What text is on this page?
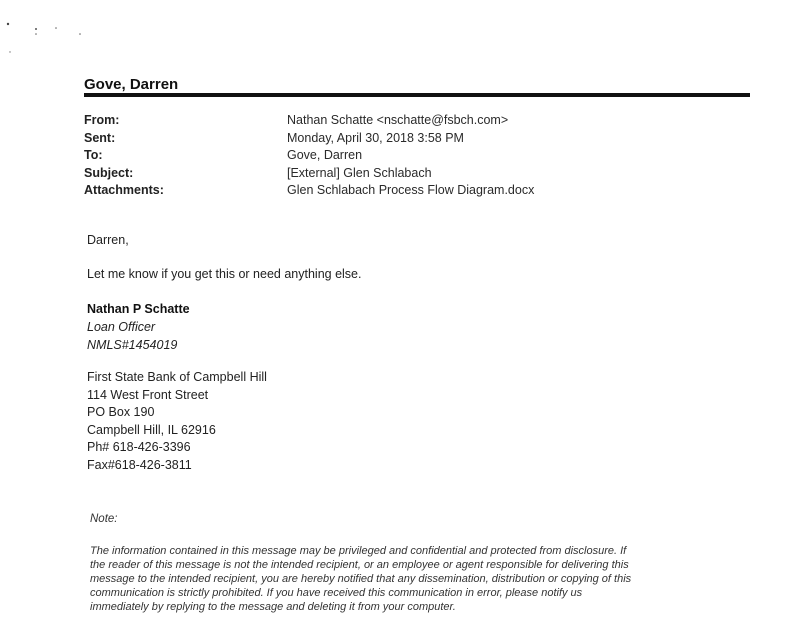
Gove, Darren
From:	Nathan Schatte <nschatte@fsbch.com>
Sent:	Monday, April 30, 2018 3:58 PM
To:	Gove, Darren
Subject:	[External] Glen Schlabach
Attachments:	Glen Schlabach Process Flow Diagram.docx
Darren,
Let me know if you get this or need anything else.
Nathan P Schatte
Loan Officer
NMLS#1454019
First State Bank of Campbell Hill
114 West Front Street
PO Box 190
Campbell Hill, IL 62916
Ph# 618-426-3396
Fax#618-426-3811
Note:
The information contained in this message may be privileged and confidential and protected from disclosure. If
the reader of this message is not the intended recipient, or an employee or agent responsible for delivering this
message to the intended recipient, you are hereby notified that any dissemination, distribution or copying of this
communication is strictly prohibited. If you have received this communication in error, please notify us
immediately by replying to the message and deleting it from your computer.
